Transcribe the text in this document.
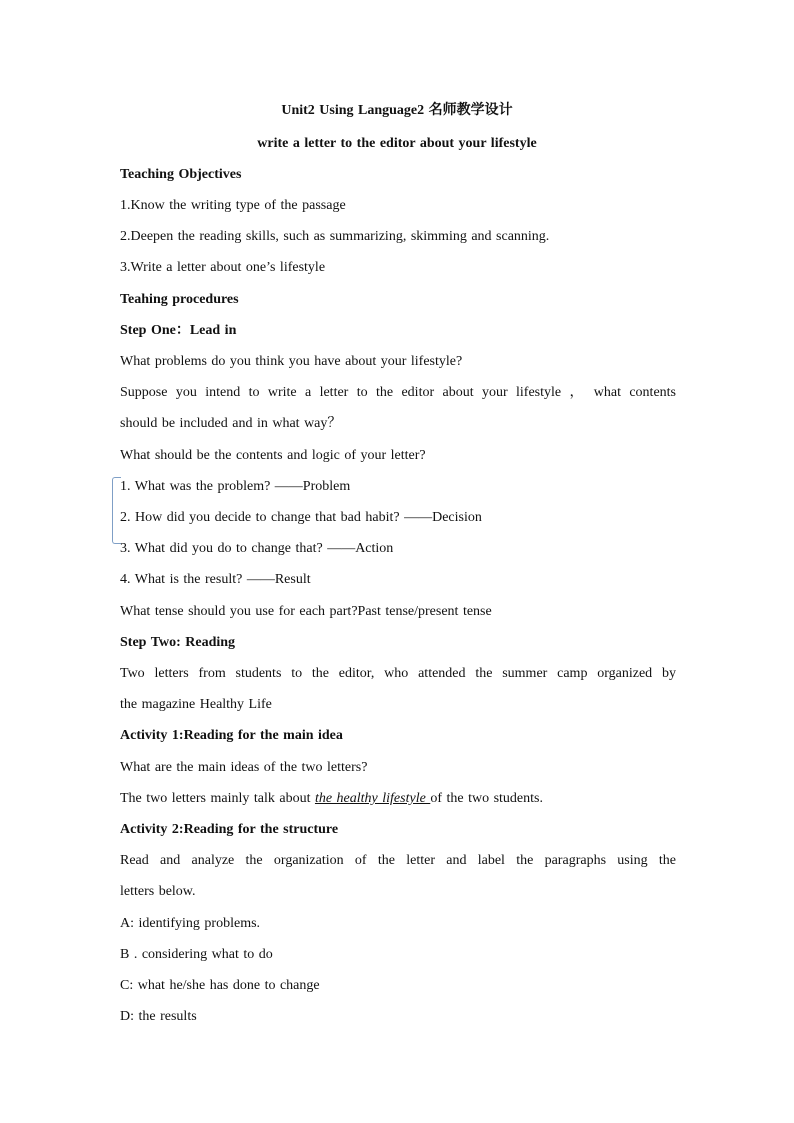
Unit2 Using Language2 名师教学设计
write a letter to the editor about your lifestyle
Teaching Objectives
1.Know the writing type of the passage
2.Deepen the reading skills, such as summarizing, skimming and scanning.
3.Write a letter about one’s lifestyle
Teahing procedures
Step One：Lead in
What problems do you think you have about your lifestyle?
Suppose you intend to write a letter to the editor about your lifestyle ， what contents
should be included and in what way？
What should be the contents and logic of your letter?
1. What was the problem? ——Problem
2. How did you decide to change that bad habit? ——Decision
3. What did you do to change that? ——Action
4. What is the result? ——Result
What tense should you use for each part?Past tense/present tense
Step Two: Reading
Two letters from students to the editor, who attended the summer camp organized by
the magazine Healthy Life
Activity 1:Reading for the main idea
What are the main ideas of the two letters?
The two letters mainly talk about the healthy lifestyle of the two students.
Activity 2:Reading for the structure
Read and analyze the organization of the letter and label the paragraphs using the
letters below.
A: identifying problems.
B . considering what to do
C: what he/she has done to change
D: the results
